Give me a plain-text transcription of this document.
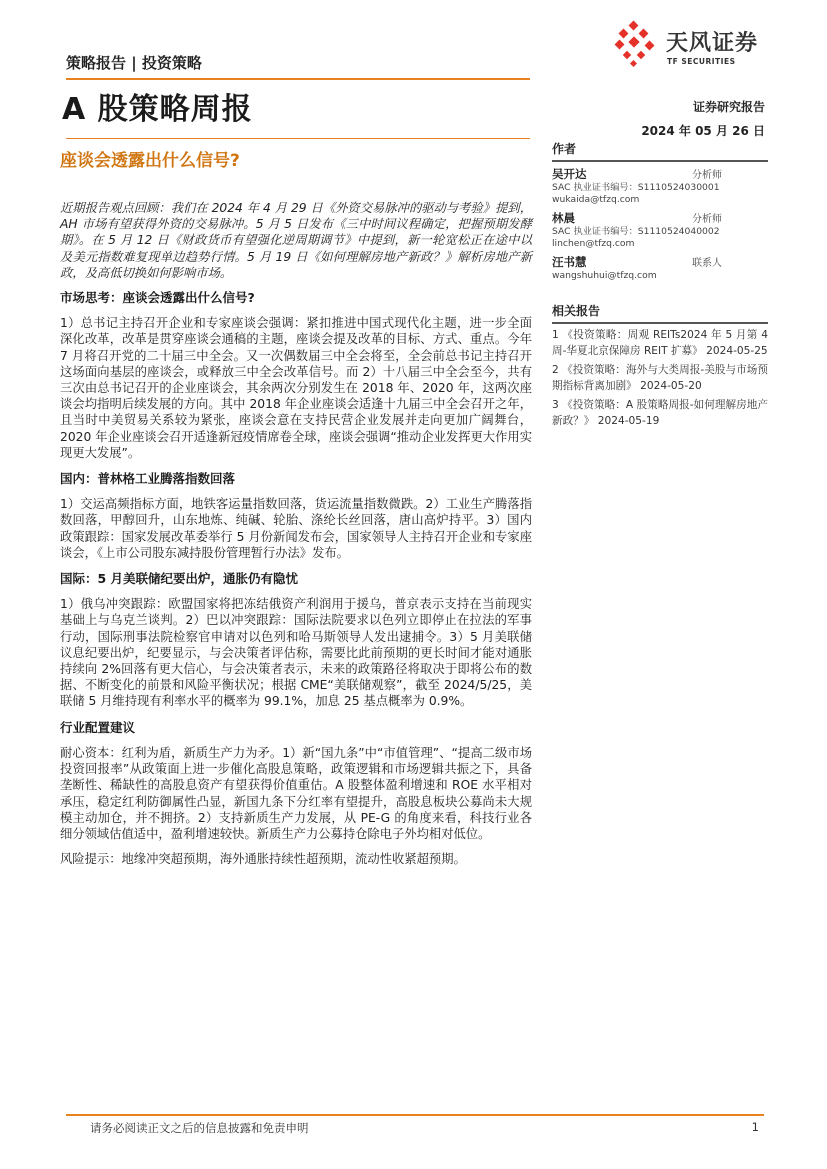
策略报告 | 投资策略
A 股策略周报
天风证券
TF SECURITIES
证券研究报告
2024 年 05 月 26 日
座谈会透露出什么信号?

近期报告观点回顾：我们在 2024 年 4 月 29 日《外资交易脉冲的驱动与考验》提到，AH 市场有望获得外资的交易脉冲。5 月 5 日发布《三中时间议程确定，把握预期发酵期》。在 5 月 12 日《财政货币有望强化逆周期调节》中提到，新一轮宽松正在途中以及美元指数难复现单边趋势行情。5 月 19 日《如何理解房地产新政？》解析房地产新政，及高低切换如何影响市场。

市场思考：座谈会透露出什么信号?

1）总书记主持召开企业和专家座谈会强调：紧扣推进中国式现代化主题，进一步全面深化改革，改革是贯穿座谈会通稿的主题，座谈会提及改革的目标、方式、重点。今年 7 月将召开党的二十届三中全会。又一次偶数届三中全会将至，全会前总书记主持召开这场面向基层的座谈会，或释放三中全会改革信号。而 2）十八届三中全会至今，共有三次由总书记召开的企业座谈会，其余两次分别发生在 2018 年、2020 年，这两次座谈会均指明后续发展的方向。其中 2018 年企业座谈会适逢十九届三中全会召开之年，且当时中美贸易关系较为紧张，座谈会意在支持民营企业发展并走向更加广阔舞台，2020 年企业座谈会召开适逢新冠疫情席卷全球，座谈会强调“推动企业发挥更大作用实现更大发展”。

国内：普林格工业腾落指数回落

1）交运高频指标方面，地铁客运量指数回落，货运流量指数微跌。2）工业生产腾落指数回落，甲醇回升，山东地炼、纯碱、轮胎、涤纶长丝回落，唐山高炉持平。3）国内政策跟踪：国家发展改革委举行 5 月份新闻发布会，国家领导人主持召开企业和专家座谈会，《上市公司股东减持股份管理暂行办法》发布。

国际：5 月美联储纪要出炉，通胀仍有隐忧

1）俄乌冲突跟踪：欧盟国家将把冻结俄资产利润用于援乌，普京表示支持在当前现实基础上与乌克兰谈判。2）巴以冲突跟踪：国际法院要求以色列立即停止在拉法的军事行动，国际刑事法院检察官申请对以色列和哈马斯领导人发出逮捕令。3）5 月美联储议息纪要出炉，纪要显示，与会决策者评估称，需要比此前预期的更长时间才能对通胀持续向 2%回落有更大信心，与会决策者表示，未来的政策路径将取决于即将公布的数据、不断变化的前景和风险平衡状况；根据 CME“美联储观察”，截至 2024/5/25，美联储 5 月维持现有利率水平的概率为 99.1%，加息 25 基点概率为 0.9%。

行业配置建议

耐心资本：红利为盾，新质生产力为矛。1）新“国九条”中“市值管理”、“提高二级市场投资回报率”从政策面上进一步催化高股息策略，政策逻辑和市场逻辑共振之下，具备垄断性、稀缺性的高股息资产有望获得价值重估。A 股整体盈利增速和 ROE 水平相对承压，稳定红利防御属性凸显，新国九条下分红率有望提升，高股息板块公募尚未大规模主动加仓，并不拥挤。2）支持新质生产力发展，从 PE-G 的角度来看，科技行业各细分领域估值适中，盈利增速较快。新质生产力公募持仓除电子外均相对低位。

风险提示：地缘冲突超预期，海外通胀持续性超预期，流动性收紧超预期。

作者
吴开达	分析师
SAC 执业证书编号：S1110524030001
wukaida@tfzq.com
林晨	分析师
SAC 执业证书编号：S1110524040002
linchen@tfzq.com
汪书慧	联系人
wangshuhui@tfzq.com
相关报告
1 《投资策略：周观 REITs2024 年 5 月第 4 周-华夏北京保障房 REIT 扩募》 2024-05-25
2 《投资策略：海外与大类周报-美股与市场预期指标背离加剧》 2024-05-20
3 《投资策略：A 股策略周报-如何理解房地产新政？》 2024-05-19
请务必阅读正文之后的信息披露和免责申明	1
